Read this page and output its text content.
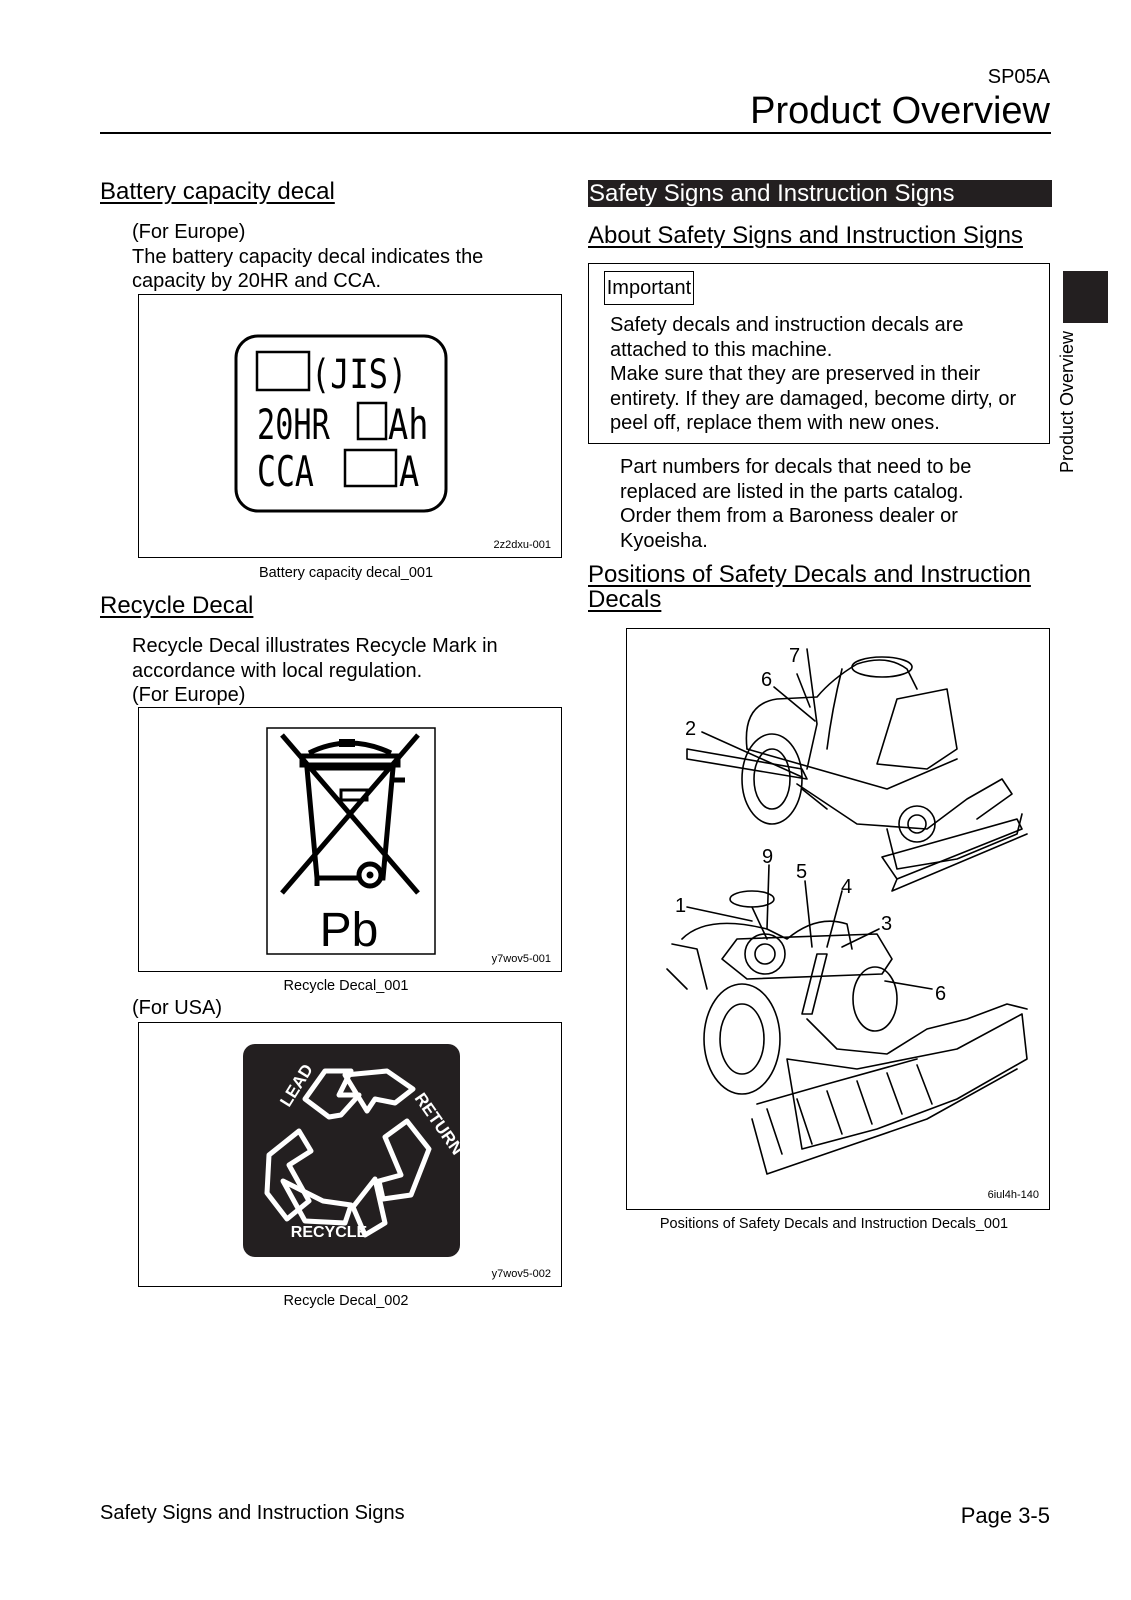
SP05A
Product Overview
Product Overview
Battery capacity decal
(For Europe)
The battery capacity decal indicates the
capacity by 20HR and CCA.
(JIS)
20HR Ah
CCA A
2z2dxu-001
Battery capacity decal_001
Recycle Decal
Recycle Decal illustrates Recycle Mark in
accordance with local regulation.
(For Europe)
Pb
y7wov5-001
Recycle Decal_001
(For USA)
LEAD
RETURN
RECYCLE
y7wov5-002
Recycle Decal_002
Safety Signs and Instruction Signs
About Safety Signs and Instruction Signs
Important
Safety decals and instruction decals are
attached to this machine.
Make sure that they are preserved in their
entirety. If they are damaged, become dirty, or
peel off, replace them with new ones.
Part numbers for decals that need to be
replaced are listed in the parts catalog.
Order them from a Baroness dealer or
Kyoeisha.
Positions of Safety Decals and Instruction
Decals
7
6
2
9
5
4
1
3
6
6iul4h-140
Positions of Safety Decals and Instruction Decals_001
Safety Signs and Instruction Signs	Page 3-5
